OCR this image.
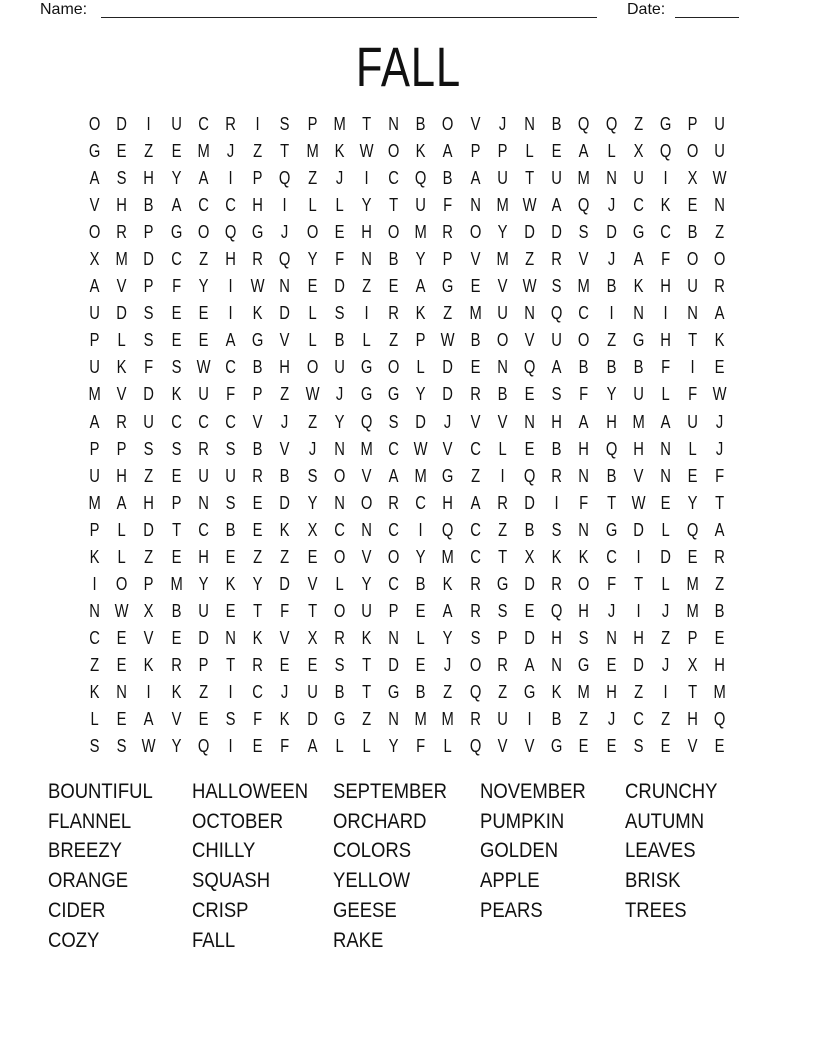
Name:	Date:
FALL
O D	I	U C R	I	S P M T N B O V	J	N B Q Q Z G P U
G E Z E M J	Z	T M K W O K A P P	L	E A	L	X Q O U
A S H Y A	I	P Q Z	J	I	C Q B A U T U M N U	I	X W
V H B A C C H	I	L	L	Y T U F N M W A Q J	C K E N
O R P G O Q G J O E H O M R O Y D D S D G C B Z
X M D C Z H R Q Y F N B Y P V M Z R V	J	A F O O
A V P F Y	I	W N E D Z E A G E V W S M B K H U R
U D S E E	I	K D L	S	I	R K Z M U N Q C	I	N	I	N A
P	L	S E E A G V	L	B	L	Z P W B O V U O Z G H T K
U K F S W C B H O U G O L D E N Q A B B B F	I	E
M V D K U F P Z W J G G Y D R B E S F Y U L	F W
A R U C C C V	J	Z Y Q S D	J	V V N H A H M A U	J
P P S S R S B V	J	N M C W V C L	E B H Q H N L	J
U H Z E U U R B S O V A M G Z	I	Q R N B V N E F
M A H P N S E D Y N O R C H A R D	I	F	T W E Y T
P	L D T C B E K X C N C	I	Q C Z B S N G D L Q A
K	L	Z E H E Z	Z E O V O Y M C T X K K C	I	D E R
I	O P M Y K Y D V	L	Y C B K R G D R O F	T	L M Z
N W X B U E T	F	T O U P E A R S E Q H	J	I	J M B
C E V E D N K V X R K N L	Y S P D H S N H Z P E
Z E K R P T R E E S T D E	J O R A N G E D	J	X H
K N	I	K Z	I	C	J	U B T G B Z Q Z G K M H Z	I	T M
L	E A V E S F K D G Z N M M R U	I	B Z	J	C Z H Q
S S W Y Q	I	E F A	L	L	Y F	L Q V V G E E S E V E
BOUNTIFUL
FLANNEL
BREEZY
ORANGE
CIDER
COZY
HALLOWEEN
OCTOBER
CHILLY
SQUASH
CRISP
FALL
SEPTEMBER
ORCHARD
COLORS
YELLOW
GEESE
RAKE
NOVEMBER
PUMPKIN
GOLDEN
APPLE
PEARS
CRUNCHY
AUTUMN
LEAVES
BRISK
TREES
